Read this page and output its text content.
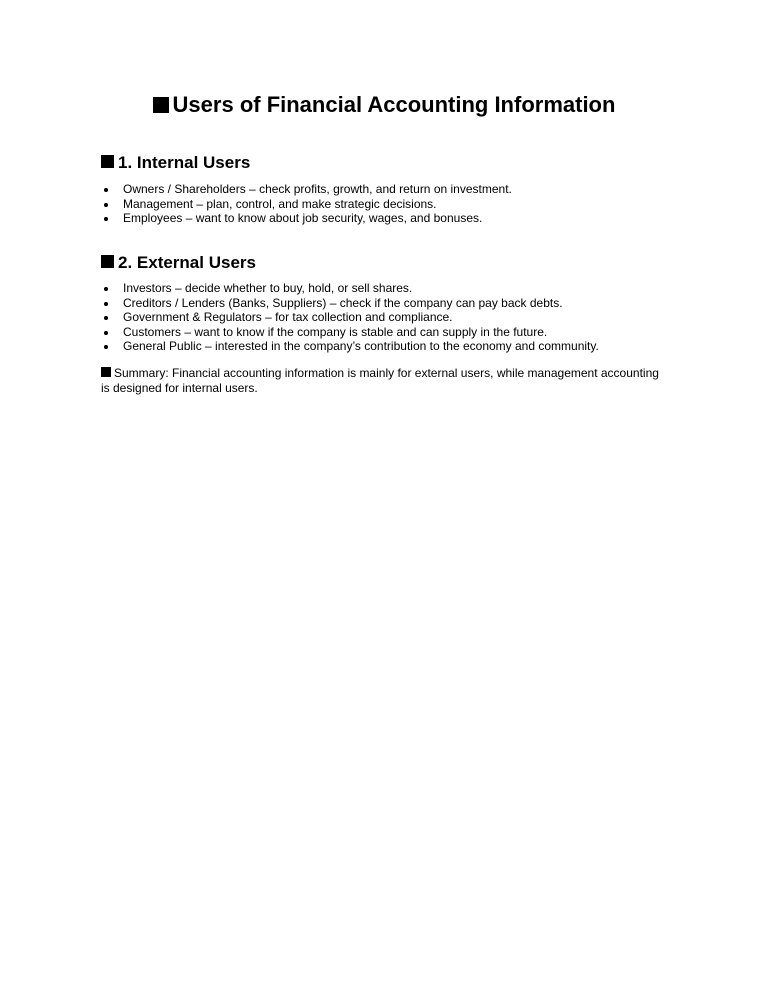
Users of Financial Accounting Information
1. Internal Users
Owners / Shareholders – check profits, growth, and return on investment.
Management – plan, control, and make strategic decisions.
Employees – want to know about job security, wages, and bonuses.
2. External Users
Investors – decide whether to buy, hold, or sell shares.
Creditors / Lenders (Banks, Suppliers) – check if the company can pay back debts.
Government & Regulators – for tax collection and compliance.
Customers – want to know if the company is stable and can supply in the future.
General Public – interested in the company’s contribution to the economy and community.
Summary: Financial accounting information is mainly for external users, while management accounting is designed for internal users.
